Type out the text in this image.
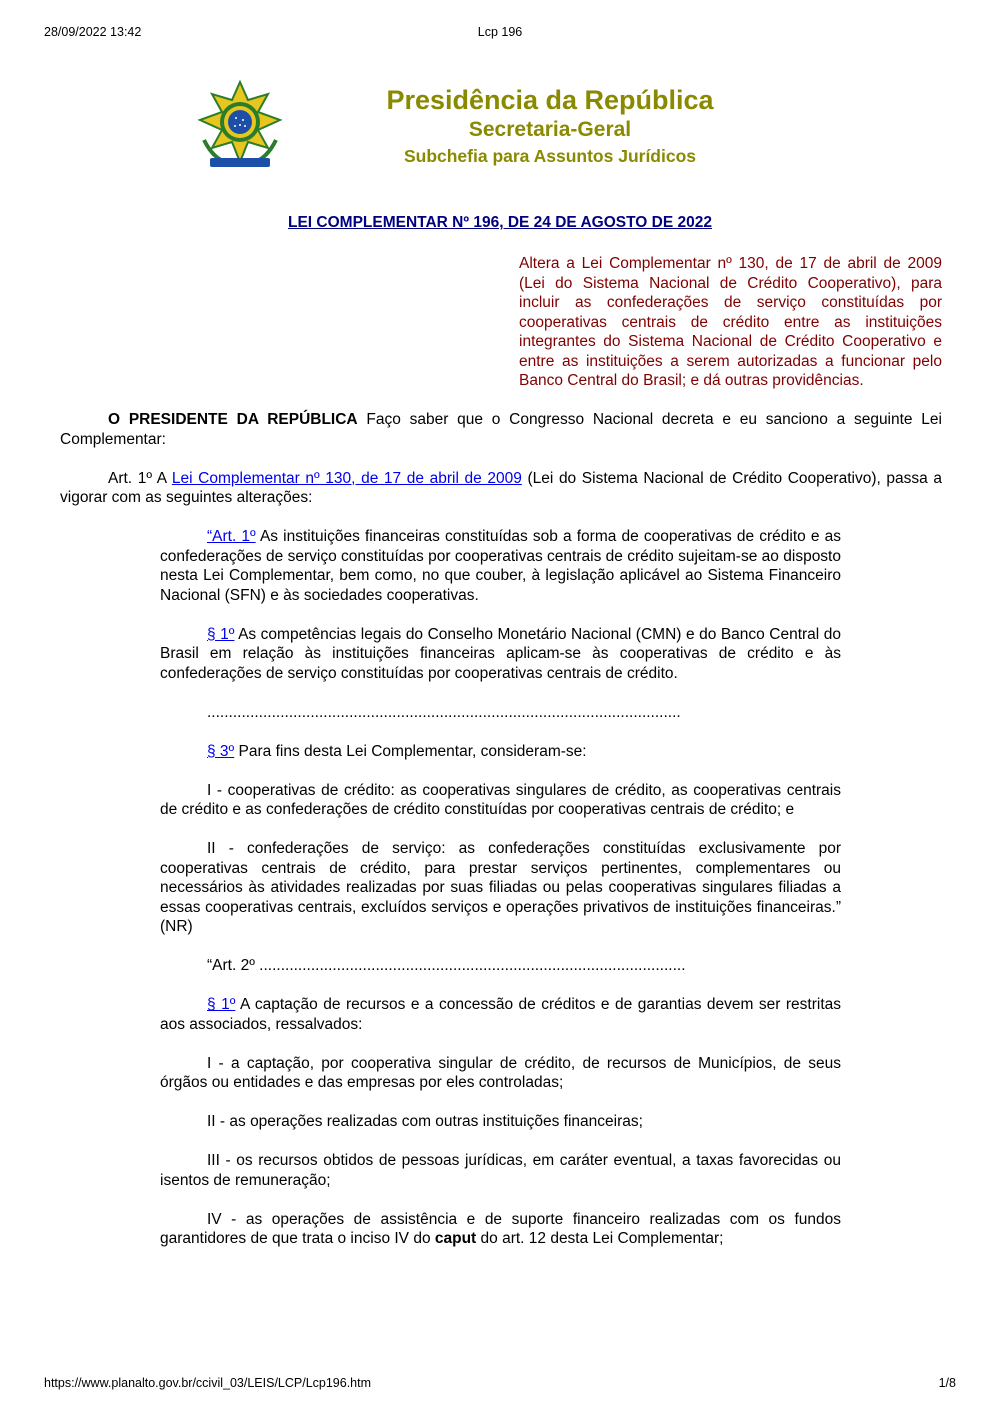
28/09/2022 13:42	Lcp 196
Presidência da República
Secretaria-Geral
Subchefia para Assuntos Jurídicos
LEI COMPLEMENTAR Nº 196, DE 24 DE AGOSTO DE 2022

Altera a Lei Complementar nº 130, de 17 de abril de 2009 (Lei do Sistema Nacional de Crédito Cooperativo), para incluir as confederações de serviço constituídas por cooperativas centrais de crédito entre as instituições integrantes do Sistema Nacional de Crédito Cooperativo e entre as instituições a serem autorizadas a funcionar pelo Banco Central do Brasil; e dá outras providências.

O PRESIDENTE DA REPÚBLICA Faço saber que o Congresso Nacional decreta e eu sanciono a seguinte Lei Complementar:

Art. 1º A Lei Complementar nº 130, de 17 de abril de 2009 (Lei do Sistema Nacional de Crédito Cooperativo), passa a vigorar com as seguintes alterações:

“Art. 1º As instituições financeiras constituídas sob a forma de cooperativas de crédito e as confederações de serviço constituídas por cooperativas centrais de crédito sujeitam-se ao disposto nesta Lei Complementar, bem como, no que couber, à legislação aplicável ao Sistema Financeiro Nacional (SFN) e às sociedades cooperativas.

§ 1º As competências legais do Conselho Monetário Nacional (CMN) e do Banco Central do Brasil em relação às instituições financeiras aplicam-se às cooperativas de crédito e às confederações de serviço constituídas por cooperativas centrais de crédito.

..............................................................................................................

§ 3º Para fins desta Lei Complementar, consideram-se:

I - cooperativas de crédito: as cooperativas singulares de crédito, as cooperativas centrais de crédito e as confederações de crédito constituídas por cooperativas centrais de crédito; e

II - confederações de serviço: as confederações constituídas exclusivamente por cooperativas centrais de crédito, para prestar serviços pertinentes, complementares ou necessários às atividades realizadas por suas filiadas ou pelas cooperativas singulares filiadas a essas cooperativas centrais, excluídos serviços e operações privativos de instituições financeiras.” (NR)

“Art. 2º ...................................................................................................

§ 1º A captação de recursos e a concessão de créditos e de garantias devem ser restritas aos associados, ressalvados:

I - a captação, por cooperativa singular de crédito, de recursos de Municípios, de seus órgãos ou entidades e das empresas por eles controladas;

II - as operações realizadas com outras instituições financeiras;

III - os recursos obtidos de pessoas jurídicas, em caráter eventual, a taxas favorecidas ou isentos de remuneração;

IV - as operações de assistência e de suporte financeiro realizadas com os fundos garantidores de que trata o inciso IV do caput do art. 12 desta Lei Complementar;

https://www.planalto.gov.br/ccivil_03/LEIS/LCP/Lcp196.htm	1/8
